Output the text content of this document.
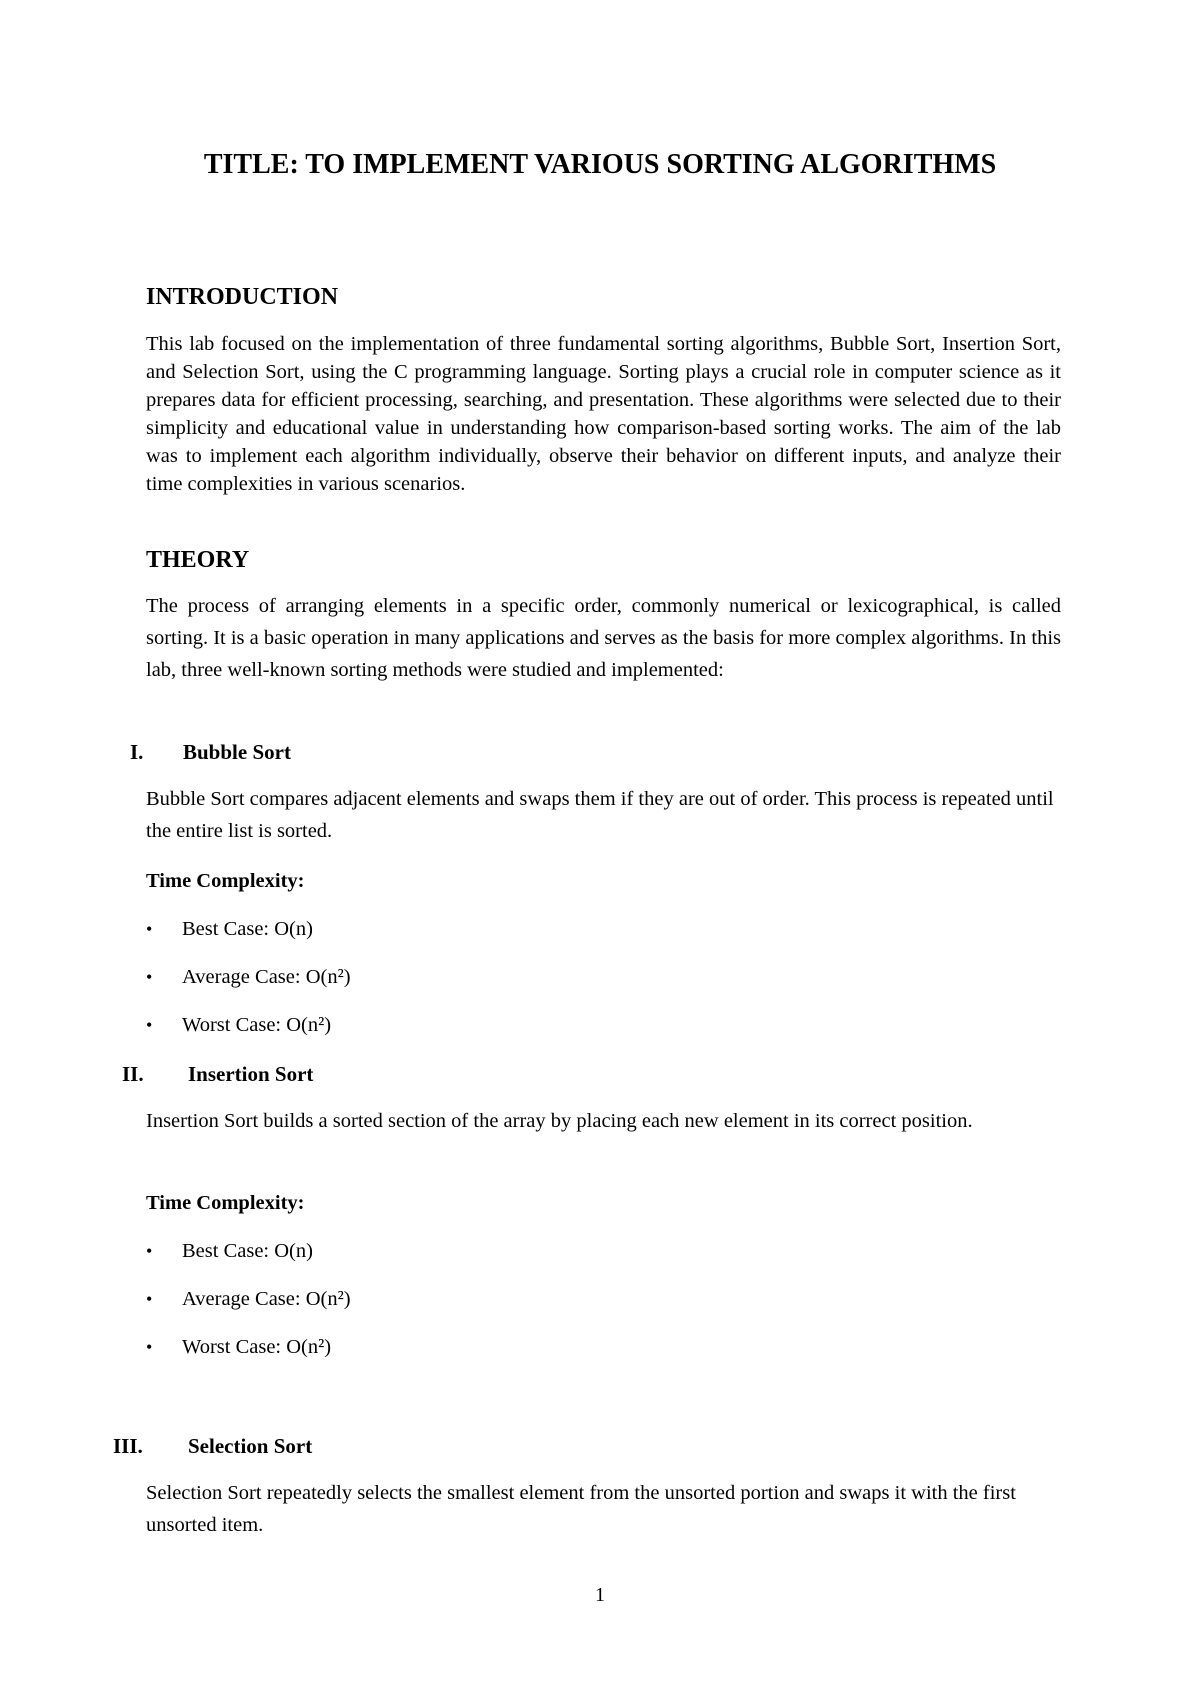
TITLE: TO IMPLEMENT VARIOUS SORTING ALGORITHMS
INTRODUCTION

This lab focused on the implementation of three fundamental sorting algorithms, Bubble Sort, Insertion Sort, and Selection Sort, using the C programming language. Sorting plays a crucial role in computer science as it prepares data for efficient processing, searching, and presentation. These algorithms were selected due to their simplicity and educational value in understanding how comparison-based sorting works. The aim of the lab was to implement each algorithm individually, observe their behavior on different inputs, and analyze their time complexities in various scenarios.

THEORY

The process of arranging elements in a specific order, commonly numerical or lexicographical, is called sorting. It is a basic operation in many applications and serves as the basis for more complex algorithms. In this lab, three well-known sorting methods were studied and implemented:

I. Bubble Sort

Bubble Sort compares adjacent elements and swaps them if they are out of order. This process is repeated until the entire list is sorted.

Time Complexity:
• Best Case: O(n)
• Average Case: O(n²)
• Worst Case: O(n²)
II. Insertion Sort

Insertion Sort builds a sorted section of the array by placing each new element in its correct position.

Time Complexity:
• Best Case: O(n)
• Average Case: O(n²)
• Worst Case: O(n²)
III. Selection Sort

Selection Sort repeatedly selects the smallest element from the unsorted portion and swaps it with the first unsorted item.

1
